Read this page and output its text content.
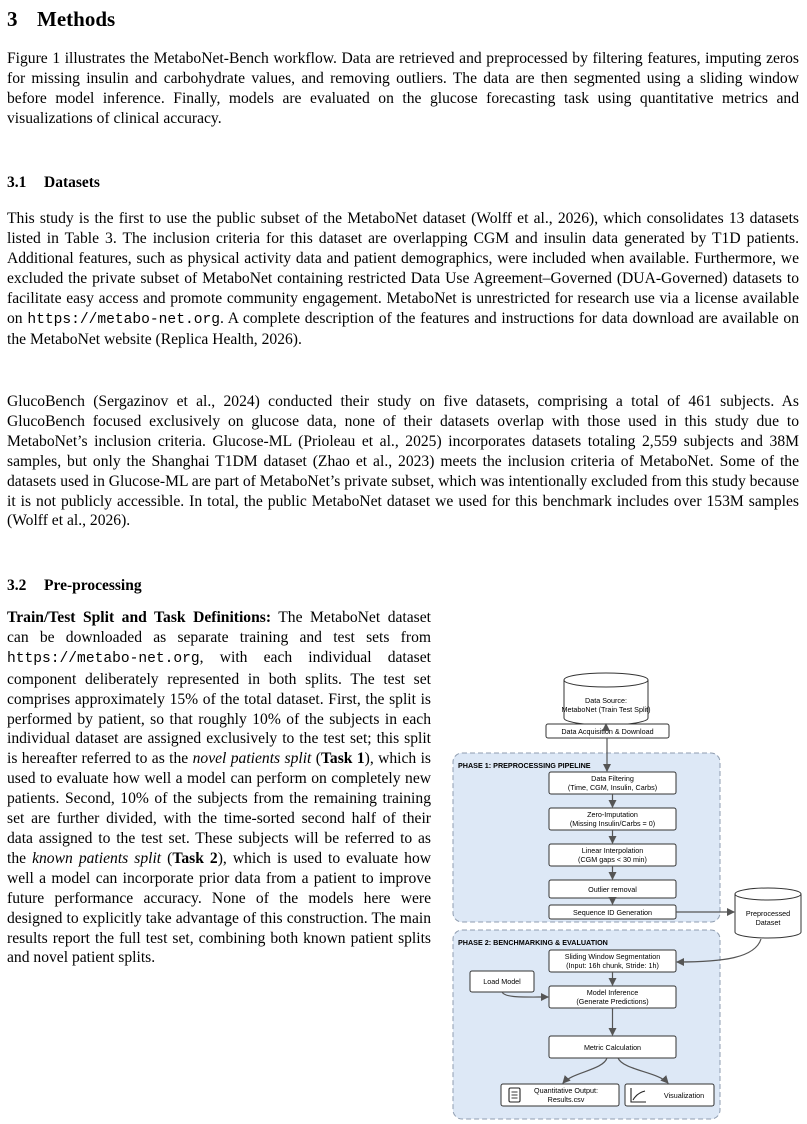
3 Methods

Figure 1 illustrates the MetaboNet-Bench workflow. Data are retrieved and preprocessed by filtering features, imputing zeros for missing insulin and carbohydrate values, and removing outliers. The data are then segmented using a sliding window before model inference. Finally, models are evaluated on the glucose forecasting task using quantitative metrics and visualizations of clinical accuracy.

3.1 Datasets

This study is the first to use the public subset of the MetaboNet dataset (Wolff et al., 2026), which consolidates 13 datasets listed in Table 3. The inclusion criteria for this dataset are overlapping CGM and insulin data generated by T1D patients. Additional features, such as physical activity data and patient demographics, were included when available. Furthermore, we excluded the private subset of MetaboNet containing restricted Data Use Agreement–Governed (DUA-Governed) datasets to facilitate easy access and promote community engagement. MetaboNet is unrestricted for research use via a license available on https://metabo-net.org. A complete description of the features and instructions for data download are available on the MetaboNet website (Replica Health, 2026).

GlucoBench (Sergazinov et al., 2024) conducted their study on five datasets, comprising a total of 461 subjects. As GlucoBench focused exclusively on glucose data, none of their datasets overlap with those used in this study due to MetaboNet’s inclusion criteria. Glucose-ML (Prioleau et al., 2025) incorporates datasets totaling 2,559 subjects and 38M samples, but only the Shanghai T1DM dataset (Zhao et al., 2023) meets the inclusion criteria of MetaboNet. Some of the datasets used in Glucose-ML are part of MetaboNet’s private subset, which was intentionally excluded from this study because it is not publicly accessible. In total, the public MetaboNet dataset we used for this benchmark includes over 153M samples (Wolff et al., 2026).

3.2 Pre-processing

Train/Test Split and Task Definitions: The MetaboNet dataset can be downloaded as separate training and test sets from https://metabo-net.org, with each individual dataset component deliberately represented in both splits. The test set comprises approximately 15% of the total dataset. First, the split is performed by patient, so that roughly 10% of the subjects in each individual dataset are assigned exclusively to the test set; this split is hereafter referred to as the novel patients split (Task 1), which is used to evaluate how well a model can perform on completely new patients. Second, 10% of the subjects from the remaining training set are further divided, with the time-sorted second half of their data assigned to the test set. These subjects will be referred to as the known patients split (Task 2), which is used to evaluate how well a model can incorporate prior data from a patient to improve future performance accuracy. None of the models here were designed to explicitly take advantage of this construction. The main results report the full test set, combining both known patient splits and novel patient splits.

PHASE 1: PREPROCESSING PIPELINE
PHASE 2: BENCHMARKING & EVALUATION
Data Source:
MetaboNet (Train Test Split)
Data Acquisition & Download
Data Filtering
(Time, CGM, Insulin, Carbs)
Zero-Imputation
(Missing Insulin/Carbs = 0)
Linear Interpolation
(CGM gaps < 30 min)
Outlier removal
Sequence ID Generation	Preprocessed
Dataset
Sliding Window Segmentation
(Input: 16h chunk, Stride: 1h)
Load Model
Model Inference
(Generate Predictions)
Metric Calculation
Quantitative Output:
Results.csv	Visualization
